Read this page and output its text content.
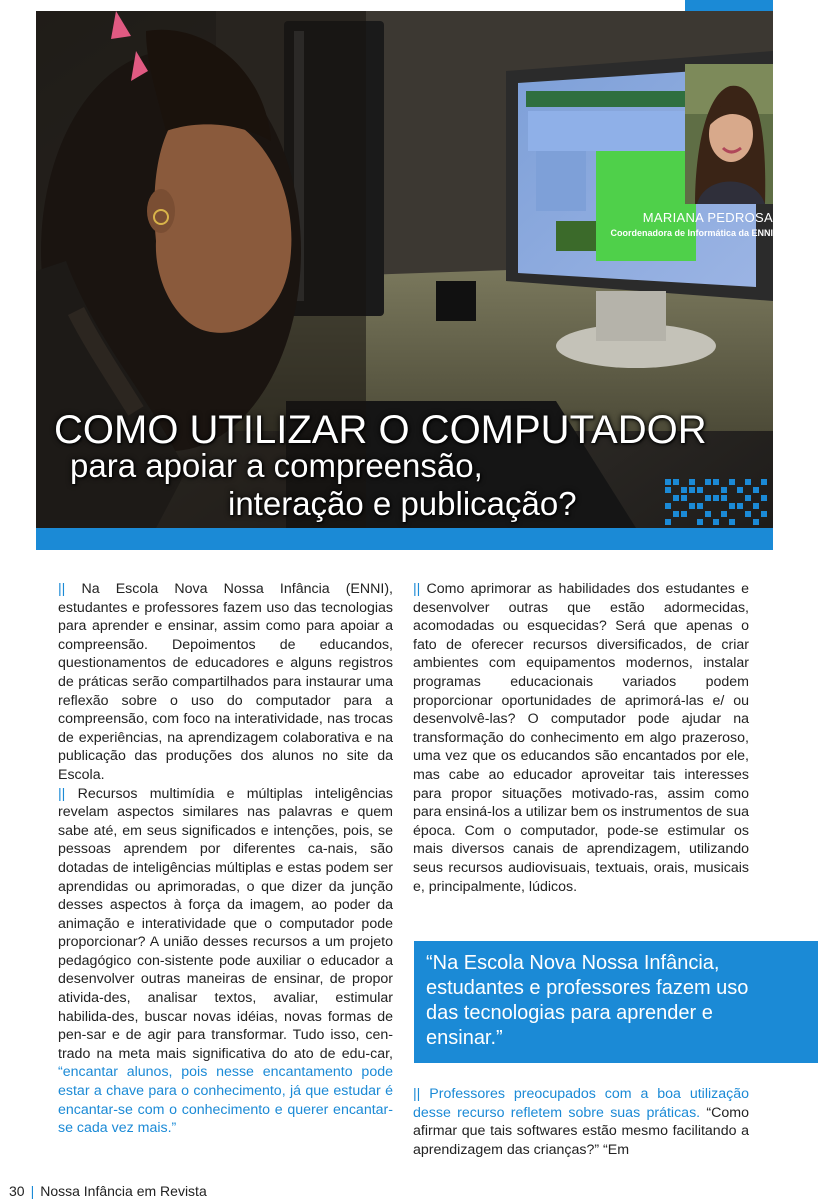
MARIANA PEDROSA
Coordenadora de Informática da ENNI
COMO UTILIZAR O COMPUTADOR
para apoiar a compreensão,
interação e publicação?

|| Na Escola Nova Nossa Infância (ENNI), estudantes e professores fazem uso das tecnologias para aprender e ensinar, assim como para apoiar a compreensão. Depoimentos de educandos, questionamentos de educadores e alguns registros de práticas serão compartilhados para instaurar uma reflexão sobre o uso do computador para a compreensão, com foco na interatividade, nas trocas de experiências, na aprendizagem colaborativa e na publicação das produções dos alunos no site da Escola.

|| Recursos multimídia e múltiplas inteligências revelam aspectos similares nas palavras e quem sabe até, em seus significados e intenções, pois, se pessoas aprendem por diferentes ca-nais, são dotadas de inteligências múltiplas e estas podem ser aprendidas ou aprimoradas, o que dizer da junção desses aspectos à força da imagem, ao poder da animação e interatividade que o computador pode proporcionar? A união desses recursos a um projeto pedagógico con-sistente pode auxiliar o educador a desenvolver outras maneiras de ensinar, de propor ativida-des, analisar textos, avaliar, estimular habilida-des, buscar novas idéias, novas formas de pen-sar e de agir para transformar. Tudo isso, cen-trado na meta mais significativa do ato de edu-car, “encantar alunos, pois nesse encantamento pode estar a chave para o conhecimento, já que estudar é encantar-se com o conhecimento e querer encantar-se cada vez mais.”

|| Como aprimorar as habilidades dos estudantes e desenvolver outras que estão adormecidas, acomodadas ou esquecidas? Será que apenas o fato de oferecer recursos diversificados, de criar ambientes com equipamentos modernos, instalar programas educacionais variados podem proporcionar oportunidades de aprimorá-las e/ ou desenvolvê-las? O computador pode ajudar na transformação do conhecimento em algo prazeroso, uma vez que os educandos são encantados por ele, mas cabe ao educador aproveitar tais interesses para propor situações motivado-ras, assim como para ensiná-los a utilizar bem os instrumentos de sua época. Com o computador, pode-se estimular os mais diversos canais de aprendizagem, utilizando seus recursos audiovisuais, textuais, orais, musicais e, principalmente, lúdicos.

“Na Escola Nova Nossa Infância, estudantes e professores fazem uso das tecnologias para aprender e ensinar.”

|| Professores preocupados com a boa utilização desse recurso refletem sobre suas práticas. “Como afirmar que tais softwares estão mesmo facilitando a aprendizagem das crianças?” “Em

30 | Nossa Infância em Revista
